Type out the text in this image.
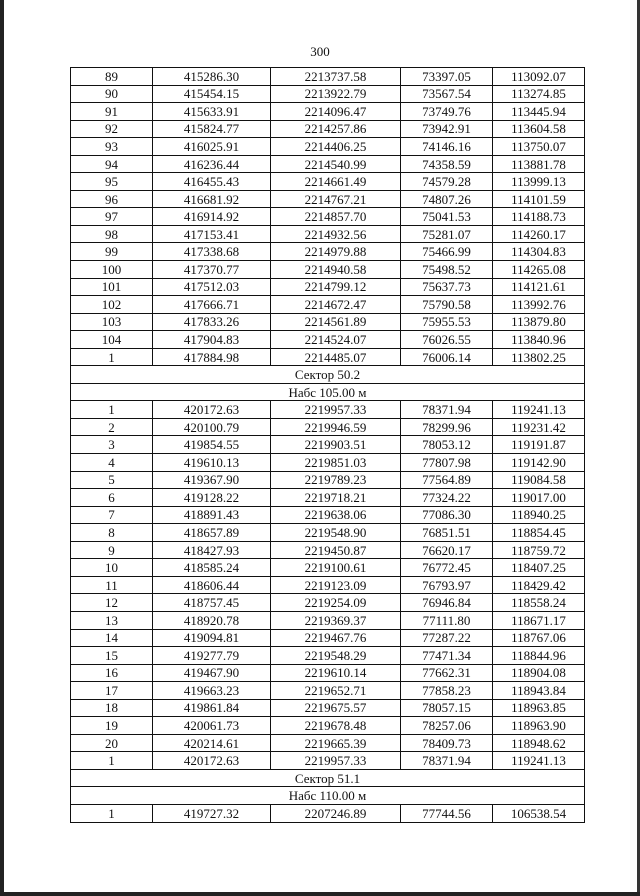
300
89	415286.30	2213737.58	73397.05	113092.07
90	415454.15	2213922.79	73567.54	113274.85
91	415633.91	2214096.47	73749.76	113445.94
92	415824.77	2214257.86	73942.91	113604.58
93	416025.91	2214406.25	74146.16	113750.07
94	416236.44	2214540.99	74358.59	113881.78
95	416455.43	2214661.49	74579.28	113999.13
96	416681.92	2214767.21	74807.26	114101.59
97	416914.92	2214857.70	75041.53	114188.73
98	417153.41	2214932.56	75281.07	114260.17
99	417338.68	2214979.88	75466.99	114304.83
100	417370.77	2214940.58	75498.52	114265.08
101	417512.03	2214799.12	75637.73	114121.61
102	417666.71	2214672.47	75790.58	113992.76
103	417833.26	2214561.89	75955.53	113879.80
104	417904.83	2214524.07	76026.55	113840.96
1	417884.98	2214485.07	76006.14	113802.25
Сектор 50.2				
Набс 105.00 м				
1	420172.63	2219957.33	78371.94	119241.13
2	420100.79	2219946.59	78299.96	119231.42
3	419854.55	2219903.51	78053.12	119191.87
4	419610.13	2219851.03	77807.98	119142.90
5	419367.90	2219789.23	77564.89	119084.58
6	419128.22	2219718.21	77324.22	119017.00
7	418891.43	2219638.06	77086.30	118940.25
8	418657.89	2219548.90	76851.51	118854.45
9	418427.93	2219450.87	76620.17	118759.72
10	418585.24	2219100.61	76772.45	118407.25
11	418606.44	2219123.09	76793.97	118429.42
12	418757.45	2219254.09	76946.84	118558.24
13	418920.78	2219369.37	77111.80	118671.17
14	419094.81	2219467.76	77287.22	118767.06
15	419277.79	2219548.29	77471.34	118844.96
16	419467.90	2219610.14	77662.31	118904.08
17	419663.23	2219652.71	77858.23	118943.84
18	419861.84	2219675.57	78057.15	118963.85
19	420061.73	2219678.48	78257.06	118963.90
20	420214.61	2219665.39	78409.73	118948.62
1	420172.63	2219957.33	78371.94	119241.13
Сектор 51.1				
Набс 110.00 м				
1	419727.32	2207246.89	77744.56	106538.54
